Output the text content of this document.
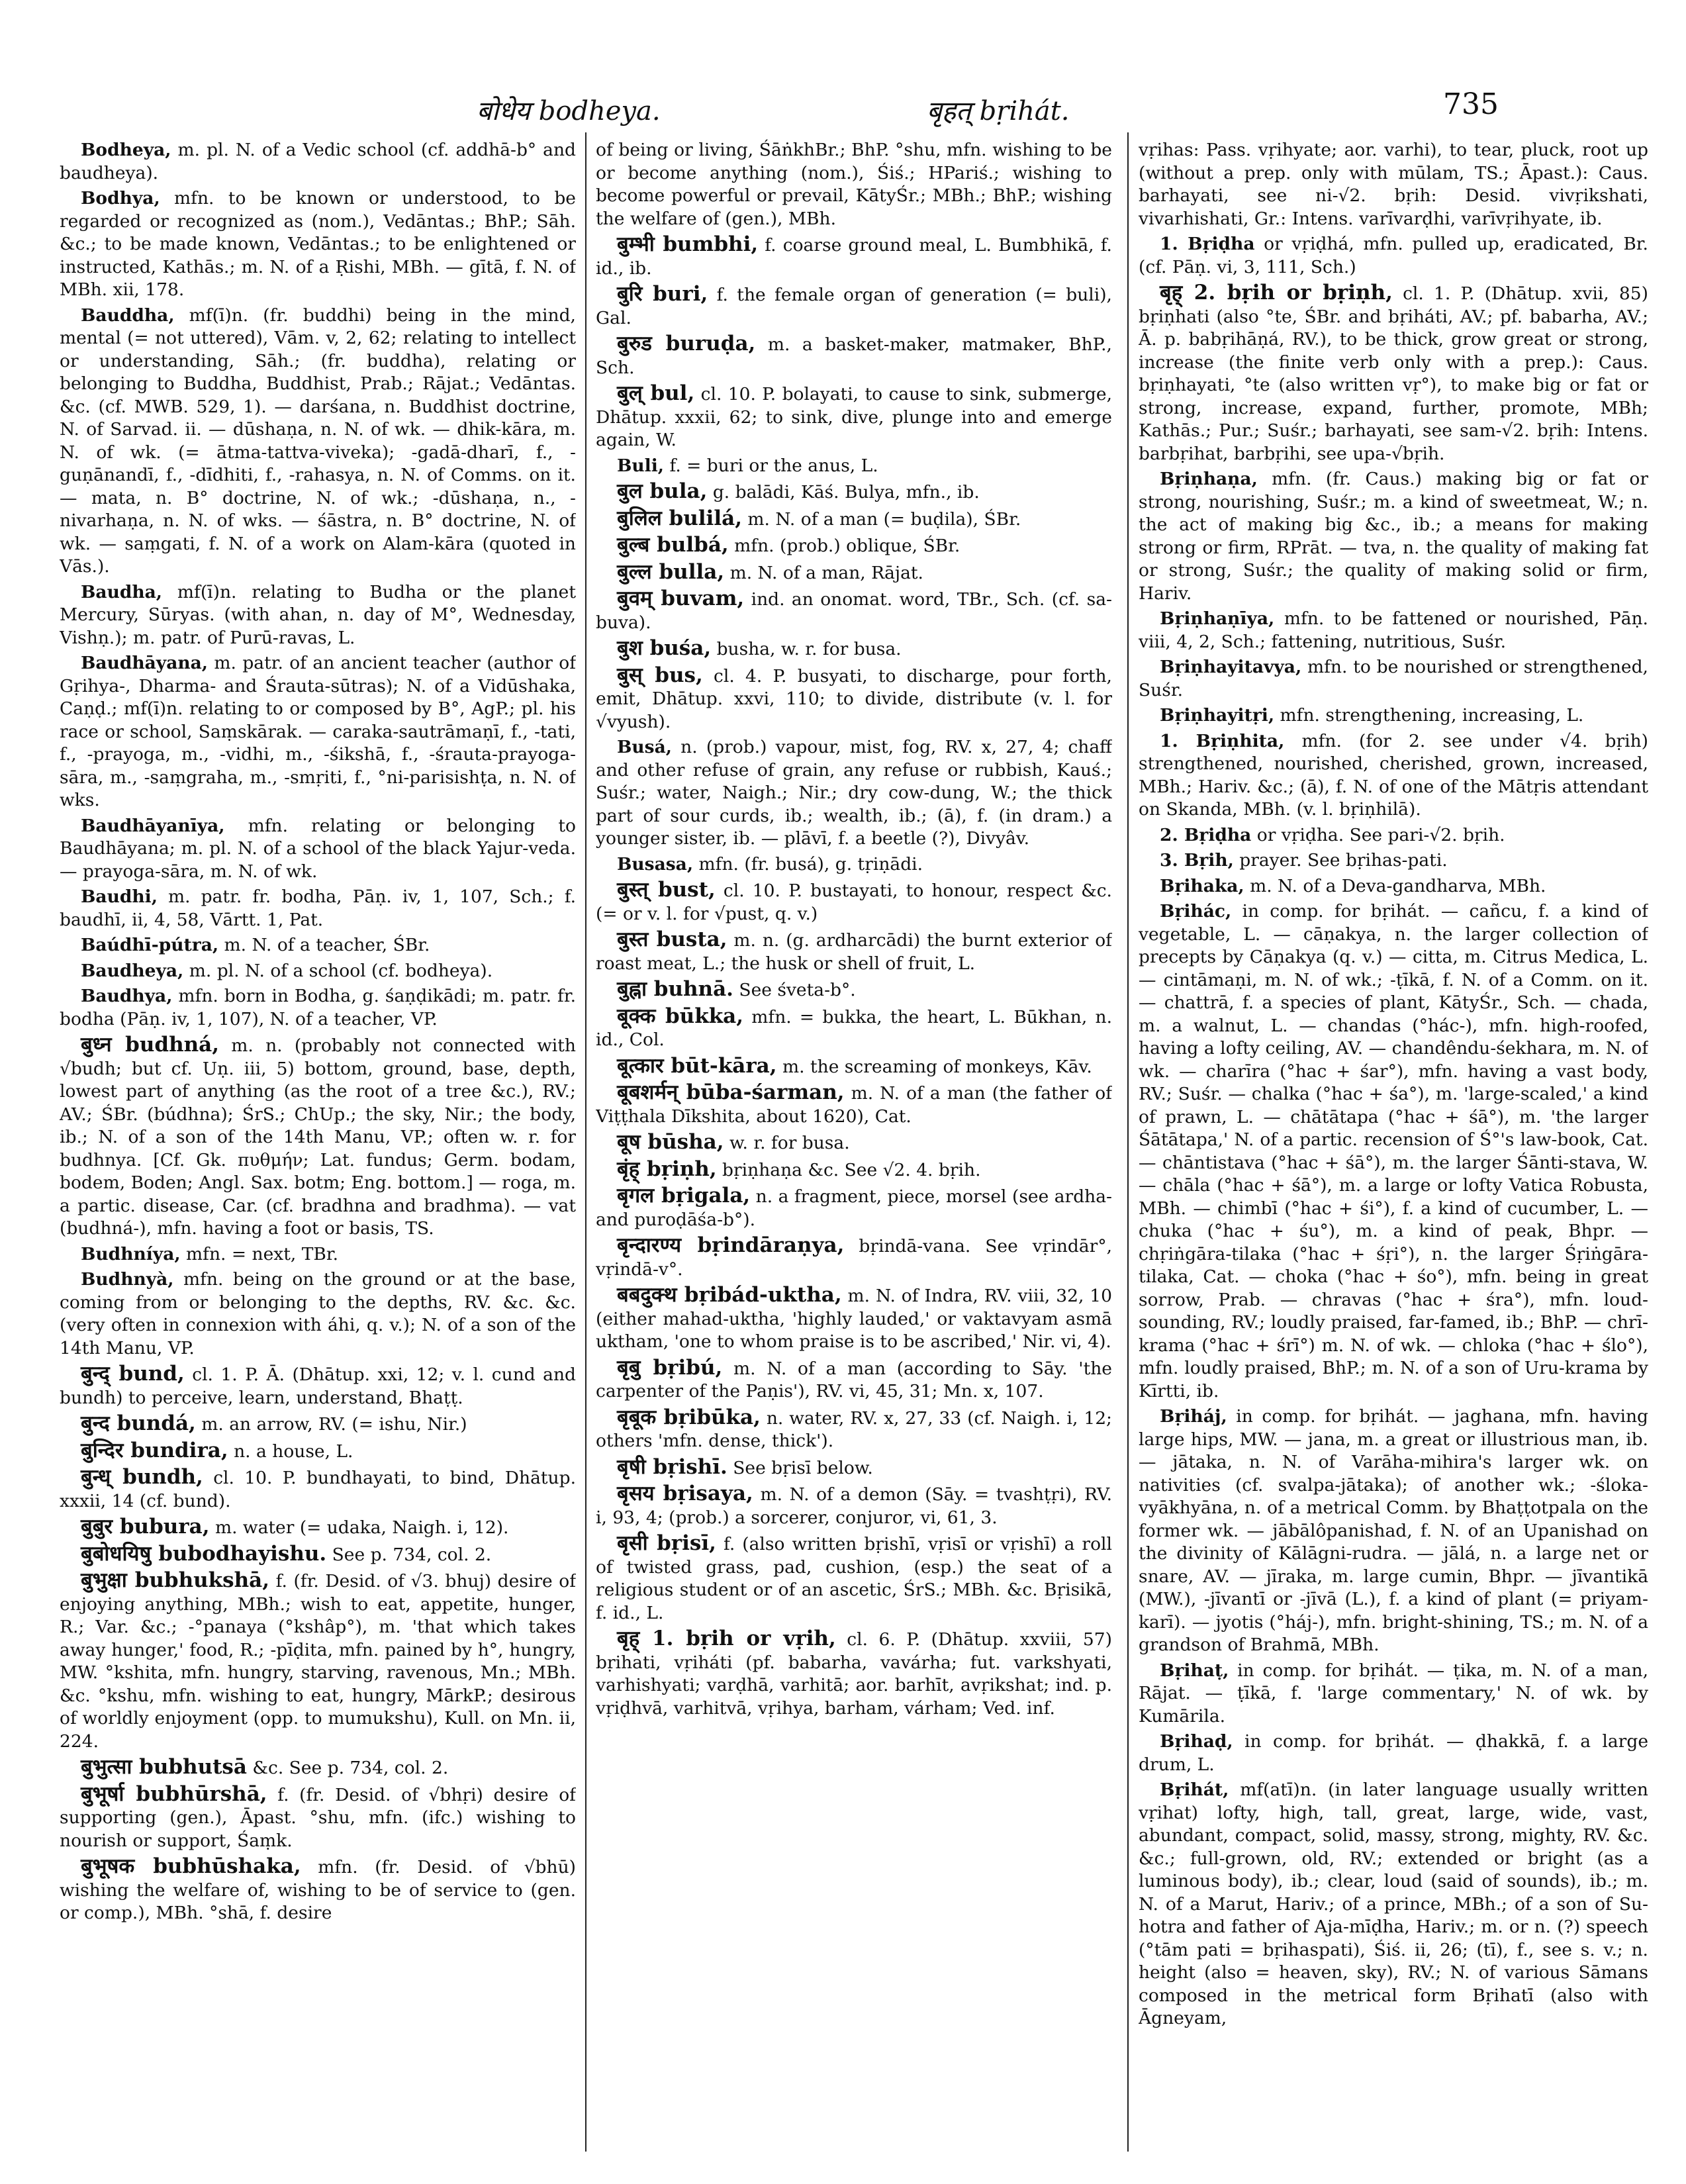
बोधेय bodheya.	बृहत् bṛihát.	735

Bodheya, m. pl. N. of a Vedic school (cf. addhā-b° and baudheya).

Bodhya, mfn. to be known or understood, to be regarded or recognized as (nom.), Vedāntas.; BhP.; Sāh. &c.; to be made known, Vedāntas.; to be enlightened or instructed, Kathās.; m. N. of a Ṛishi, MBh. — gītā, f. N. of MBh. xii, 178.

Bauddha, mf(ī)n. (fr. buddhi) being in the mind, mental (= not uttered), Vām. v, 2, 62; relating to intellect or understanding, Sāh.; (fr. buddha), relating or belonging to Buddha, Buddhist, Prab.; Rājat.; Vedāntas. &c. (cf. MWB. 529, 1). — darśana, n. Buddhist doctrine, N. of Sarvad. ii. — dūshaṇa, n. N. of wk. — dhik-kāra, m. N. of wk. (= ātma-tattva-viveka); -gadā-dharī, f., -guṇānandī, f., -dīdhiti, f., -rahasya, n. N. of Comms. on it. — mata, n. B° doctrine, N. of wk.; -dūshaṇa, n., -nivarhaṇa, n. N. of wks. — śāstra, n. B° doctrine, N. of wk. — saṃgati, f. N. of a work on Alam-kāra (quoted in Vās.).

Baudha, mf(ī)n. relating to Budha or the planet Mercury, Sūryas. (with ahan, n. day of M°, Wednesday, Vishṇ.); m. patr. of Purū-ravas, L.

Baudhāyana, m. patr. of an ancient teacher (author of Gṛihya-, Dharma- and Śrauta-sūtras); N. of a Vidūshaka, Caṇḍ.; mf(ī)n. relating to or composed by B°, AgP.; pl. his race or school, Saṃskārak. — caraka-sautrāmaṇī, f., -tati, f., -prayoga, m., -vidhi, m., -śikshā, f., -śrauta-prayoga-sāra, m., -saṃgraha, m., -smṛiti, f., °ni-parisishṭa, n. N. of wks.

Baudhāyanīya, mfn. relating or belonging to Baudhāyana; m. pl. N. of a school of the black Yajur-veda. — prayoga-sāra, m. N. of wk.

Baudhi, m. patr. fr. bodha, Pāṇ. iv, 1, 107, Sch.; f. baudhī, ii, 4, 58, Vārtt. 1, Pat.

Baúdhī-pútra, m. N. of a teacher, ŚBr.

Baudheya, m. pl. N. of a school (cf. bodheya).

Baudhya, mfn. born in Bodha, g. śaṇḍikādi; m. patr. fr. bodha (Pāṇ. iv, 1, 107), N. of a teacher, VP.

बुध्न budhná, m. n. (probably not connected with √budh; but cf. Uṇ. iii, 5) bottom, ground, base, depth, lowest part of anything (as the root of a tree &c.), RV.; AV.; ŚBr. (búdhna); ŚrS.; ChUp.; the sky, Nir.; the body, ib.; N. of a son of the 14th Manu, VP.; often w. r. for budhnya. [Cf. Gk. πυθμήν; Lat. fundus; Germ. bodam, bodem, Boden; Angl. Sax. botm; Eng. bottom.] — roga, m. a partic. disease, Car. (cf. bradhna and bradhma). — vat (budhná-), mfn. having a foot or basis, TS.

Budhníya, mfn. = next, TBr.

Budhnyà, mfn. being on the ground or at the base, coming from or belonging to the depths, RV. &c. &c. (very often in connexion with áhi, q. v.); N. of a son of the 14th Manu, VP.

बुन्द् bund, cl. 1. P. Ā. (Dhātup. xxi, 12; v. l. cund and bundh) to perceive, learn, understand, Bhaṭṭ.

बुन्द bundá, m. an arrow, RV. (= ishu, Nir.)

बुन्दिर bundira, n. a house, L.

बुन्ध् bundh, cl. 10. P. bundhayati, to bind, Dhātup. xxxii, 14 (cf. bund).

बुबुर bubura, m. water (= udaka, Naigh. i, 12).

बुबोधयिषु bubodhayishu. See p. 734, col. 2.

बुभुक्षा bubhukshā, f. (fr. Desid. of √3. bhuj) desire of enjoying anything, MBh.; wish to eat, appetite, hunger, R.; Var. &c.; -°panaya (°kshâp°), m. 'that which takes away hunger,' food, R.; -pīḍita, mfn. pained by h°, hungry, MW. °kshita, mfn. hungry, starving, ravenous, Mn.; MBh. &c. °kshu, mfn. wishing to eat, hungry, MārkP.; desirous of worldly enjoyment (opp. to mumukshu), Kull. on Mn. ii, 224.

बुभुत्सा bubhutsā &c. See p. 734, col. 2.

बुभूर्षा bubhūrshā, f. (fr. Desid. of √bhṛi) desire of supporting (gen.), Āpast. °shu, mfn. (ifc.) wishing to nourish or support, Śaṃk.

बुभूषक bubhūshaka, mfn. (fr. Desid. of √bhū) wishing the welfare of, wishing to be of service to (gen. or comp.), MBh. °shā, f. desire

of being or living, ŚāṅkhBr.; BhP. °shu, mfn. wishing to be or become anything (nom.), Śiś.; HPariś.; wishing to become powerful or prevail, KātyŚr.; MBh.; BhP.; wishing the welfare of (gen.), MBh.

बुम्भी bumbhi, f. coarse ground meal, L. Bumbhikā, f. id., ib.

बुरि buri, f. the female organ of generation (= buli), Gal.

बुरुड buruḍa, m. a basket-maker, matmaker, BhP., Sch.

बुल् bul, cl. 10. P. bolayati, to cause to sink, submerge, Dhātup. xxxii, 62; to sink, dive, plunge into and emerge again, W.

Buli, f. = buri or the anus, L.

बुल bula, g. balādi, Kāś. Bulya, mfn., ib.

बुलिल bulilá, m. N. of a man (= buḍila), ŚBr.

बुल्ब bulbá, mfn. (prob.) oblique, ŚBr.

बुल्ल bulla, m. N. of a man, Rājat.

बुवम् buvam, ind. an onomat. word, TBr., Sch. (cf. sa-buva).

बुश buśa, busha, w. r. for busa.

बुस् bus, cl. 4. P. busyati, to discharge, pour forth, emit, Dhātup. xxvi, 110; to divide, distribute (v. l. for √vyush).

Busá, n. (prob.) vapour, mist, fog, RV. x, 27, 4; chaff and other refuse of grain, any refuse or rubbish, Kauś.; Suśr.; water, Naigh.; Nir.; dry cow-dung, W.; the thick part of sour curds, ib.; wealth, ib.; (ā), f. (in dram.) a younger sister, ib. — plāvī, f. a beetle (?), Divyâv.

Busasa, mfn. (fr. busá), g. tṛiṇādi.

बुस्त् bust, cl. 10. P. bustayati, to honour, respect &c. (= or v. l. for √pust, q. v.)

बुस्त busta, m. n. (g. ardharcādi) the burnt exterior of roast meat, L.; the husk or shell of fruit, L.

बुह्ना buhnā. See śveta-b°.

बूक्क būkka, mfn. = bukka, the heart, L. Būkhan, n. id., Col.

बूत्कार būt-kāra, m. the screaming of monkeys, Kāv.

बूबशर्मन् būba-śarman, m. N. of a man (the father of Viṭṭhala Dīkshita, about 1620), Cat.

बूष būsha, w. r. for busa.

बृंह् bṛiṇh, bṛiṇhaṇa &c. See √2. 4. bṛih.

बृगल bṛigala, n. a fragment, piece, morsel (see ardha- and puroḍāśa-b°).

बृन्दारण्य bṛindāraṇya, bṛindā-vana. See vṛindār°, vṛindā-v°.

बबदुक्थ bṛibád-uktha, m. N. of Indra, RV. viii, 32, 10 (either mahad-uktha, 'highly lauded,' or vaktavyam asmā uktham, 'one to whom praise is to be ascribed,' Nir. vi, 4).

बृबु bṛibú, m. N. of a man (according to Sāy. 'the carpenter of the Paṇis'), RV. vi, 45, 31; Mn. x, 107.

बृबूक bṛibūka, n. water, RV. x, 27, 33 (cf. Naigh. i, 12; others 'mfn. dense, thick').

बृषी bṛishī. See bṛisī below.

बृसय bṛisaya, m. N. of a demon (Sāy. = tvashṭṛi), RV. i, 93, 4; (prob.) a sorcerer, conjuror, vi, 61, 3.

बृसी bṛisī, f. (also written bṛishī, vṛisī or vṛishī) a roll of twisted grass, pad, cushion, (esp.) the seat of a religious student or of an ascetic, ŚrS.; MBh. &c. Bṛisikā, f. id., L.

बृह् 1. bṛih or vṛih, cl. 6. P. (Dhātup. xxviii, 57) bṛihati, vṛiháti (pf. babarha, vavárha; fut. varkshyati, varhishyati; varḍhā, varhitā; aor. barhīt, avṛikshat; ind. p. vṛiḍhvā, varhitvā, vṛihya, barham, várham; Ved. inf.

vṛihas: Pass. vṛihyate; aor. varhi), to tear, pluck, root up (without a prep. only with mūlam, TS.; Āpast.): Caus. barhayati, see ni-√2. bṛih: Desid. vivṛikshati, vivarhishati, Gr.: Intens. varīvarḍhi, varīvṛihyate, ib.

1. Bṛiḍha or vṛiḍhá, mfn. pulled up, eradicated, Br. (cf. Pāṇ. vi, 3, 111, Sch.)

बृह् 2. bṛih or bṛiṇh, cl. 1. P. (Dhātup. xvii, 85) bṛiṇhati (also °te, ŚBr. and bṛiháti, AV.; pf. babarha, AV.; Ā. p. babṛihāṇá, RV.), to be thick, grow great or strong, increase (the finite verb only with a prep.): Caus. bṛiṇhayati, °te (also written vṛ°), to make big or fat or strong, increase, expand, further, promote, MBh; Kathās.; Pur.; Suśr.; barhayati, see sam-√2. bṛih: Intens. barbṛihat, barbṛihi, see upa-√bṛih.

Bṛiṇhaṇa, mfn. (fr. Caus.) making big or fat or strong, nourishing, Suśr.; m. a kind of sweetmeat, W.; n. the act of making big &c., ib.; a means for making strong or firm, RPrāt. — tva, n. the quality of making fat or strong, Suśr.; the quality of making solid or firm, Hariv.

Bṛiṇhaṇīya, mfn. to be fattened or nourished, Pāṇ. viii, 4, 2, Sch.; fattening, nutritious, Suśr.

Bṛiṇhayitavya, mfn. to be nourished or strengthened, Suśr.

Bṛiṇhayitṛi, mfn. strengthening, increasing, L.

1. Bṛiṇhita, mfn. (for 2. see under √4. bṛih) strengthened, nourished, cherished, grown, increased, MBh.; Hariv. &c.; (ā), f. N. of one of the Mātṛis attendant on Skanda, MBh. (v. l. bṛiṇhilā).

2. Bṛiḍha or vṛiḍha. See pari-√2. bṛih.

3. Bṛih, prayer. See bṛihas-pati.

Bṛihaka, m. N. of a Deva-gandharva, MBh.

Bṛihác, in comp. for bṛihát. — cañcu, f. a kind of vegetable, L. — cāṇakya, n. the larger collection of precepts by Cāṇakya (q. v.) — citta, m. Citrus Medica, L. — cintāmaṇi, m. N. of wk.; -ṭīkā, f. N. of a Comm. on it. — chattrā, f. a species of plant, KātyŚr., Sch. — chada, m. a walnut, L. — chandas (°hác-), mfn. high-roofed, having a lofty ceiling, AV. — chandêndu-śekhara, m. N. of wk. — charīra (°hac + śar°), mfn. having a vast body, RV.; Suśr. — chalka (°hac + śa°), m. 'large-scaled,' a kind of prawn, L. — chātātapa (°hac + śā°), m. 'the larger Śātātapa,' N. of a partic. recension of Ś°'s law-book, Cat. — chāntistava (°hac + śā°), m. the larger Śānti-stava, W. — chāla (°hac + śā°), m. a large or lofty Vatica Robusta, MBh. — chimbī (°hac + śi°), f. a kind of cucumber, L. — chuka (°hac + śu°), m. a kind of peak, Bhpr. — chṛiṅgāra-tilaka (°hac + śṛi°), n. the larger Śṛiṅgāra-tilaka, Cat. — choka (°hac + śo°), mfn. being in great sorrow, Prab. — chravas (°hac + śra°), mfn. loud-sounding, RV.; loudly praised, far-famed, ib.; BhP. — chrī-krama (°hac + śrī°) m. N. of wk. — chloka (°hac + ślo°), mfn. loudly praised, BhP.; m. N. of a son of Uru-krama by Kīrtti, ib.

Bṛiháj, in comp. for bṛihát. — jaghana, mfn. having large hips, MW. — jana, m. a great or illustrious man, ib. — jātaka, n. N. of Varāha-mihira's larger wk. on nativities (cf. svalpa-jātaka); of another wk.; -śloka-vyākhyāna, n. of a metrical Comm. by Bhaṭṭotpala on the former wk. — jābālôpanishad, f. N. of an Upanishad on the divinity of Kālāgni-rudra. — jālá, n. a large net or snare, AV. — jīraka, m. large cumin, Bhpr. — jīvantikā (MW.), -jīvantī or -jīvā (L.), f. a kind of plant (= priyam-karī). — jyotis (°háj-), mfn. bright-shining, TS.; m. N. of a grandson of Brahmā, MBh.

Bṛihaṭ, in comp. for bṛihát. — ṭika, m. N. of a man, Rājat. — ṭīkā, f. 'large commentary,' N. of wk. by Kumārila.

Bṛihaḍ, in comp. for bṛihát. — ḍhakkā, f. a large drum, L.

Bṛihát, mf(atī)n. (in later language usually written vṛihat) lofty, high, tall, great, large, wide, vast, abundant, compact, solid, massy, strong, mighty, RV. &c. &c.; full-grown, old, RV.; extended or bright (as a luminous body), ib.; clear, loud (said of sounds), ib.; m. N. of a Marut, Hariv.; of a prince, MBh.; of a son of Su-hotra and father of Aja-mīḍha, Hariv.; m. or n. (?) speech (°tām pati = bṛihaspati), Śiś. ii, 26; (tī), f., see s. v.; n. height (also = heaven, sky), RV.; N. of various Sāmans composed in the metrical form Bṛihatī (also with Āgneyam,
